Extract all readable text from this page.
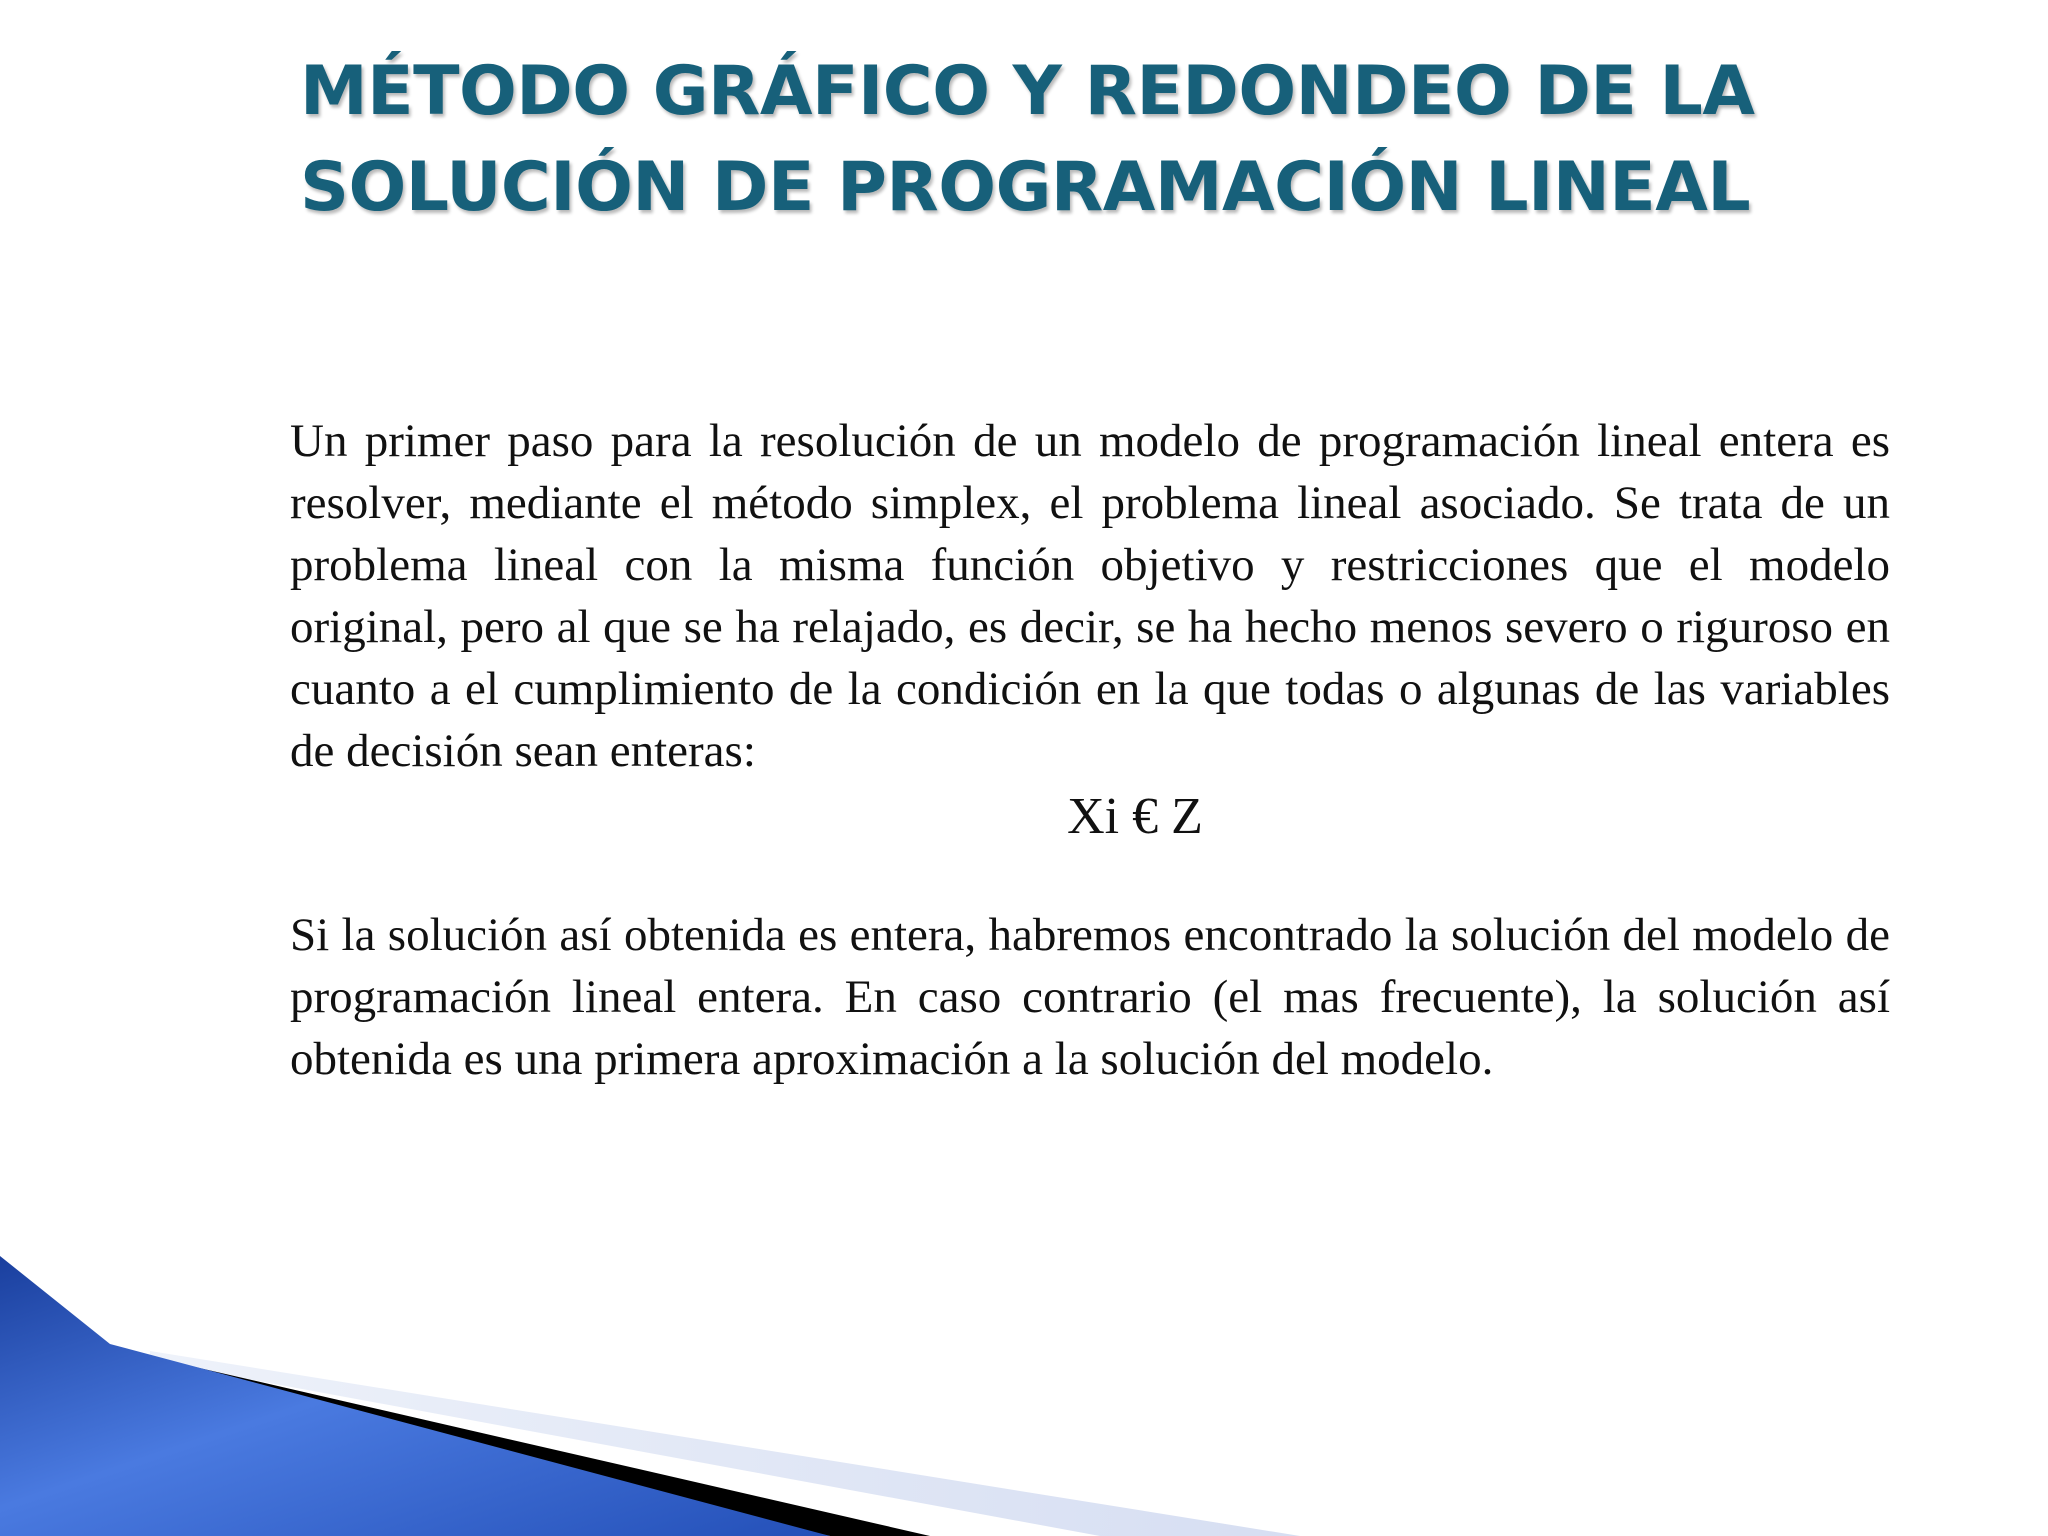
MÉTODO GRÁFICO Y REDONDEO DE LA
SOLUCIÓN DE PROGRAMACIÓN LINEAL

Un primer paso para la resolución de un modelo de programación lineal entera es resolver, mediante el método simplex, el problema lineal asociado. Se trata de un problema lineal con la misma función objetivo y restricciones que el modelo original, pero al que se ha relajado, es decir, se ha hecho menos severo o riguroso en cuanto a el cumplimiento de la condición en la que todas o algunas de las variables de decisión sean enteras:

Xi € Z

Si la solución así obtenida es entera, habremos encontrado la solución del modelo de programación lineal entera. En caso contrario (el mas frecuente), la solución así obtenida es una primera aproximación a la solución del modelo.
